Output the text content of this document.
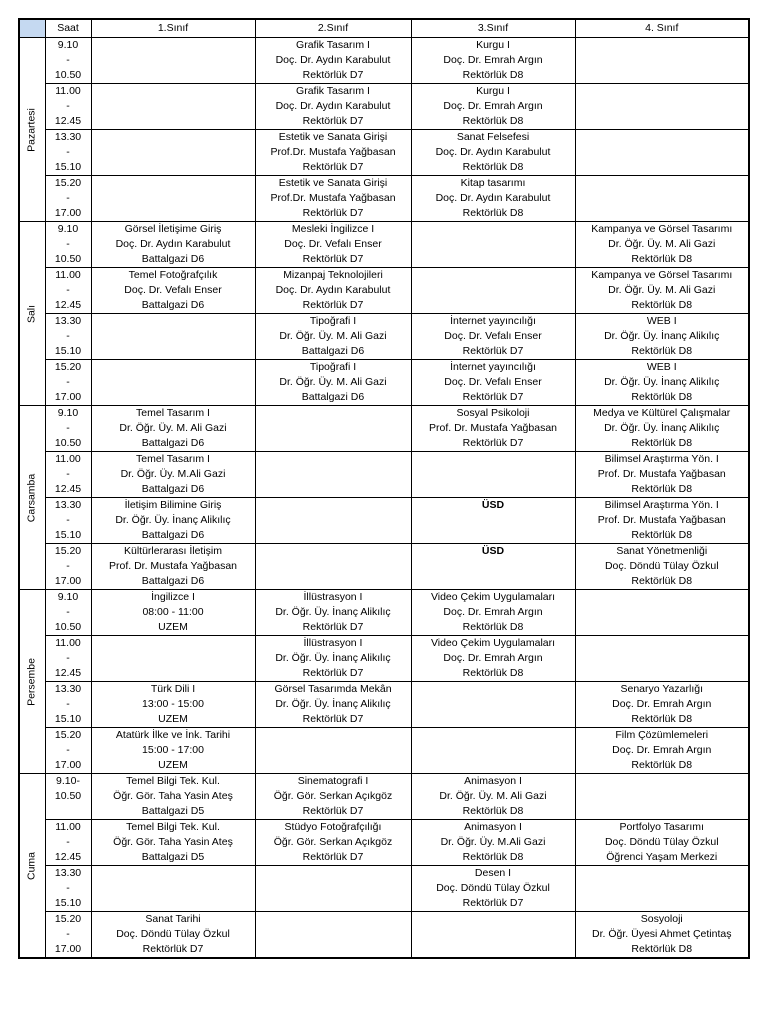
	Saat	1.Sınıf	2.Sınıf	3.Sınıf	4. Sınıf

Pazartesi	9.10
-
10.50		Grafik Tasarım I
Doç. Dr. Aydın Karabulut
Rektörlük D7	Kurgu I
Doç. Dr. Emrah Argın
Rektörlük D8	

	11.00
-
12.45		Grafik Tasarım I
Doç. Dr. Aydın Karabulut
Rektörlük D7	Kurgu I
Doç. Dr. Emrah Argın
Rektörlük D8	

	13.30
-
15.10		Estetik ve Sanata Girişi
Prof.Dr. Mustafa Yağbasan
Rektörlük D7	Sanat Felsefesi
Doç. Dr. Aydın Karabulut
Rektörlük D8	

	15.20
-
17.00		Estetik ve Sanata Girişi
Prof.Dr. Mustafa Yağbasan
Rektörlük D7	Kitap tasarımı
Doç. Dr. Aydın Karabulut
Rektörlük D8	

Salı	9.10
-
10.50	Görsel İletişime Giriş
Doç. Dr. Aydın Karabulut
Battalgazi D6	Mesleki İngilizce I
Doç. Dr. Vefalı Enser
Rektörlük D7		Kampanya ve Görsel Tasarımı
Dr. Öğr. Üy. M. Ali Gazi
Rektörlük D8

	11.00
-
12.45	Temel Fotoğrafçılık
Doç. Dr. Vefalı Enser
Battalgazi D6	Mizanpaj Teknolojileri
Doç. Dr. Aydın Karabulut
Rektörlük D7		Kampanya ve Görsel Tasarımı
Dr. Öğr. Üy. M. Ali Gazi
Rektörlük D8

	13.30
-
15.10		Tipoğrafi I
Dr. Öğr. Üy. M. Ali Gazi
Battalgazi D6	İnternet yayıncılığı
Doç. Dr. Vefalı Enser
Rektörlük D7	WEB I
Dr. Öğr. Üy. İnanç Alikılıç
Rektörlük D8

	15.20
-
17.00		Tipoğrafi I
Dr. Öğr. Üy. M. Ali Gazi
Battalgazi D6	İnternet yayıncılığı
Doç. Dr. Vefalı Enser
Rektörlük D7	WEB I
Dr. Öğr. Üy. İnanç Alikılıç
Rektörlük D8

Carsamba	9.10
-
10.50	Temel Tasarım I
Dr. Öğr. Üy. M. Ali Gazi
Battalgazi D6		Sosyal Psikoloji
Prof. Dr. Mustafa Yağbasan
Rektörlük D7	Medya ve Kültürel Çalışmalar
Dr. Öğr. Üy. İnanç Alikılıç
Rektörlük D8

	11.00
-
12.45	Temel Tasarım I
Dr. Öğr. Üy. M.Ali Gazi
Battalgazi D6			Bilimsel Araştırma Yön. I
Prof. Dr. Mustafa Yağbasan
Rektörlük D8

	13.30
-
15.10	İletişim Bilimine Giriş
Dr. Öğr. Üy. İnanç Alikılıç
Battalgazi D6		ÜSD	Bilimsel Araştırma Yön. I
Prof. Dr. Mustafa Yağbasan
Rektörlük D8

	15.20
-
17.00	Kültürlerarası İletişim
Prof. Dr. Mustafa Yağbasan
Battalgazi D6		ÜSD	Sanat Yönetmenliği
Doç. Döndü Tülay Özkul
Rektörlük D8

Persembe	9.10
-
10.50	İngilizce I
08:00 - 11:00
UZEM	İllüstrasyon I
Dr. Öğr. Üy. İnanç Alikılıç
Rektörlük D7	Video Çekim Uygulamaları
Doç. Dr. Emrah Argın
Rektörlük D8	

	11.00
-
12.45		İllüstrasyon I
Dr. Öğr. Üy. İnanç Alikılıç
Rektörlük D7	Video Çekim Uygulamaları
Doç. Dr. Emrah Argın
Rektörlük D8	

	13.30
-
15.10	Türk Dili I
13:00 - 15:00
UZEM	Görsel Tasarımda Mekân
Dr. Öğr. Üy. İnanç Alikılıç
Rektörlük D7		Senaryo Yazarlığı
Doç. Dr. Emrah Argın
Rektörlük D8

	15.20
-
17.00	Atatürk İlke ve İnk. Tarihi
15:00 - 17:00
UZEM			Film Çözümlemeleri
Doç. Dr. Emrah Argın
Rektörlük D8

Cuma	9.10-
10.50	Temel Bilgi Tek. Kul.
Öğr. Gör. Taha Yasin Ateş
Battalgazi D5	Sinematografi I
Öğr. Gör. Serkan Açıkgöz
Rektörlük D7	Animasyon I
Dr. Öğr. Üy. M. Ali Gazi
Rektörlük D8	

	11.00
-
12.45	Temel Bilgi Tek. Kul.
Öğr. Gör. Taha Yasin Ateş
Battalgazi D5	Stüdyo Fotoğrafçılığı
Öğr. Gör. Serkan Açıkgöz
Rektörlük D7	Animasyon I
Dr. Öğr. Üy. M.Ali Gazi
Rektörlük D8	Portfolyo Tasarımı
Doç. Döndü Tülay Özkul
Öğrenci Yaşam Merkezi

	13.30
-
15.10			Desen I
Doç. Döndü Tülay Özkul
Rektörlük D7	

	15.20
-
17.00	Sanat Tarihi
Doç. Döndü Tülay Özkul
Rektörlük D7			Sosyoloji
Dr. Öğr. Üyesi Ahmet Çetintaş
Rektörlük D8
